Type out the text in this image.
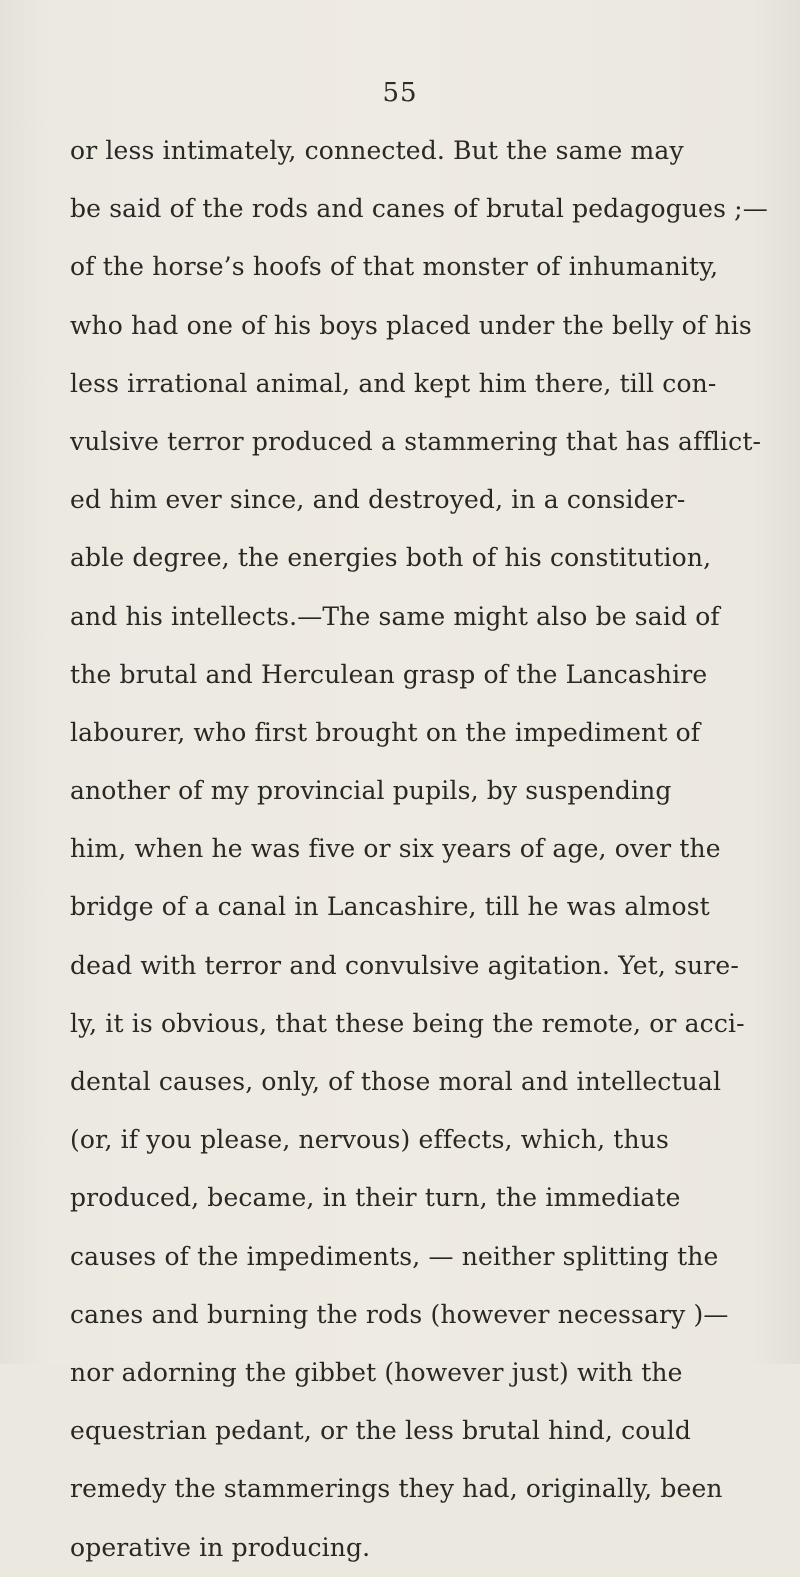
55
or less intimately, connected. But the same may
be said of the rods and canes of brutal pedagogues ;—
of the horse’s hoofs of that monster of inhumanity,
who had one of his boys placed under the belly of his
less irrational animal, and kept him there, till con-
vulsive terror produced a stammering that has afflict-
ed him ever since, and destroyed, in a consider-
able degree, the energies both of his constitution,
and his intellects.—The same might also be said of
the brutal and Herculean grasp of the Lancashire
labourer, who first brought on the impediment of
another of my provincial pupils, by suspending
him, when he was five or six years of age, over the
bridge of a canal in Lancashire, till he was almost
dead with terror and convulsive agitation. Yet, sure-
ly, it is obvious, that these being the remote, or acci-
dental causes, only, of those moral and intellectual
(or, if you please, nervous) effects, which, thus
produced, became, in their turn, the immediate
causes of the impediments, — neither splitting the
canes and burning the rods (however necessary )—
nor adorning the gibbet (however just) with the
equestrian pedant, or the less brutal hind, could
remedy the stammerings they had, originally, been
operative in producing.
